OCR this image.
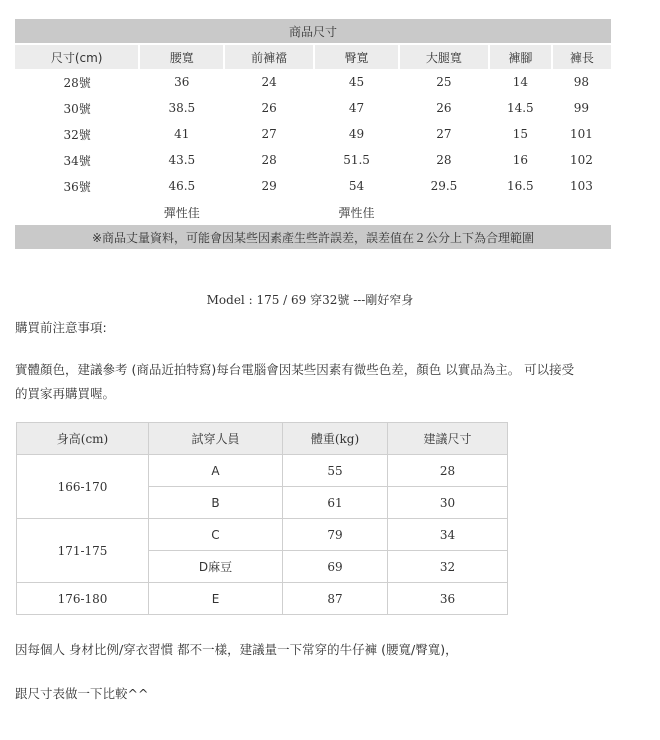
商品尺寸						
尺寸(cm)	腰寬	前褲襠	臀寬	大腿寬	褲腳	褲長
28號	36	24	45	25	14	98
30號	38.5	26	47	26	14.5	99
32號	41	27	49	27	15	101
34號	43.5	28	51.5	28	16	102
36號	46.5	29	54	29.5	16.5	103
	彈性佳		彈性佳			
※商品丈量資料，可能會因某些因素產生些許誤差，誤差值在２公分上下為合理範圍						
Model : 175 / 69 穿32號 ---剛好窄身
購買前注意事項:
實體顏色，建議參考 (商品近拍特寫)每台電腦會因某些因素有微些色差，顏色 以實品為主。 可以接受
的買家再購買喔。
身高(cm)	試穿人員	體重(kg)	建議尺寸
166-170	A	55	28
	B	61	30
171-175	C	79	34
	D麻豆	69	32
176-180	E	87	36
因每個人 身材比例/穿衣習慣 都不一樣，建議量一下常穿的牛仔褲 (腰寬/臀寬)，
跟尺寸表做一下比較^^
